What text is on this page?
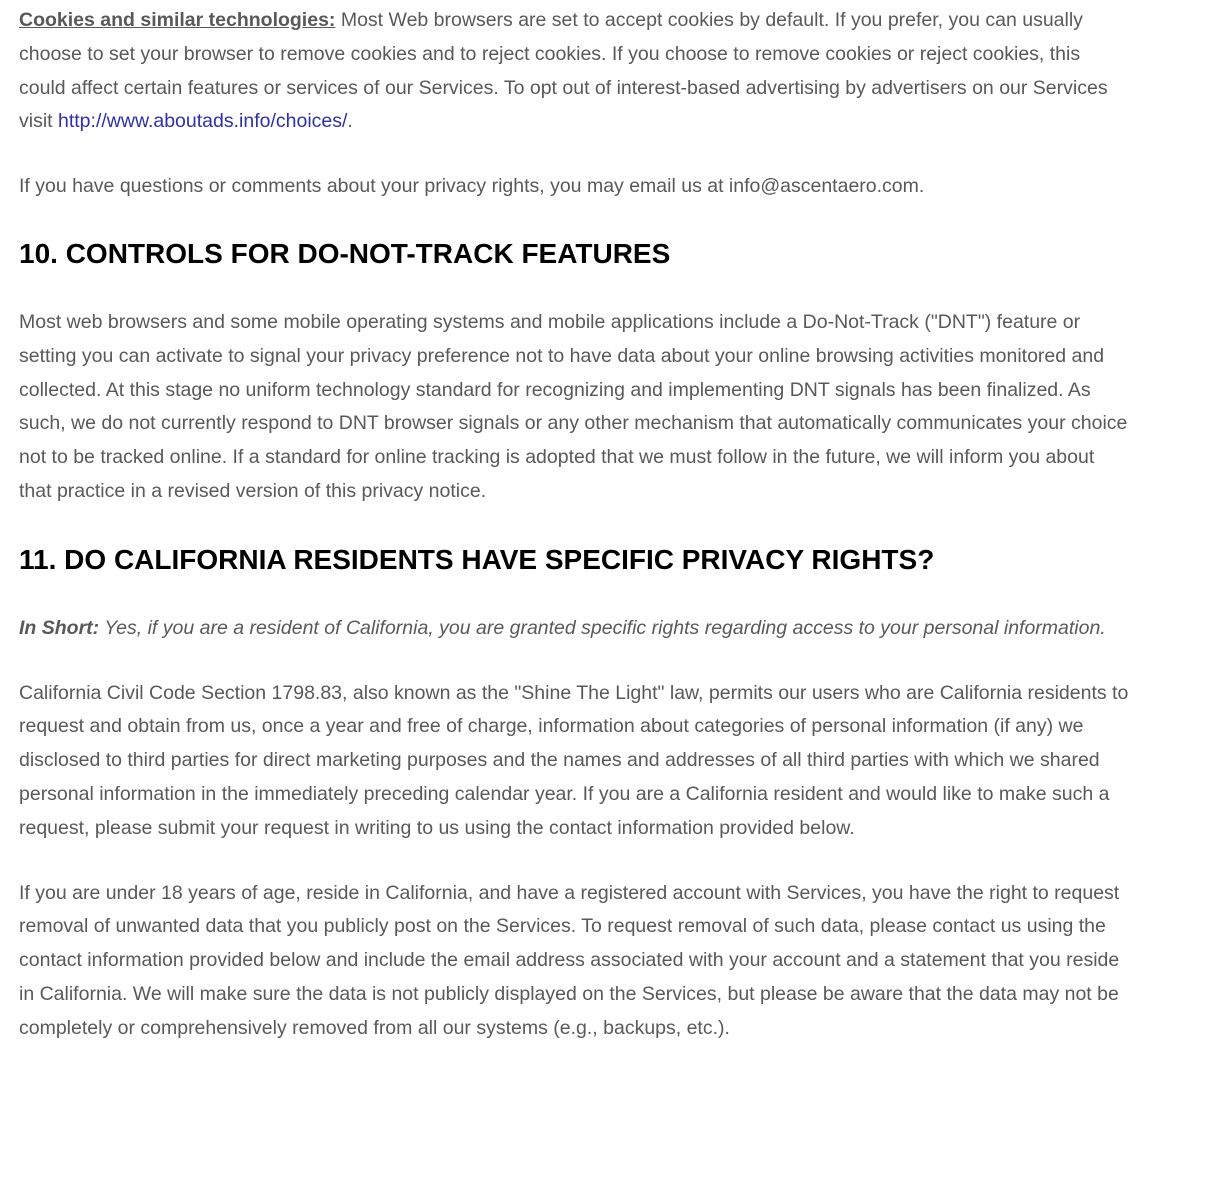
Cookies and similar technologies: Most Web browsers are set to accept cookies by default. If you prefer, you can usually choose to set your browser to remove cookies and to reject cookies. If you choose to remove cookies or reject cookies, this could affect certain features or services of our Services. To opt out of interest-based advertising by advertisers on our Services visit http://www.aboutads.info/choices/.

If you have questions or comments about your privacy rights, you may email us at info@ascentaero.com.

10. CONTROLS FOR DO-NOT-TRACK FEATURES

Most web browsers and some mobile operating systems and mobile applications include a Do-Not-Track ("DNT") feature or setting you can activate to signal your privacy preference not to have data about your online browsing activities monitored and collected. At this stage no uniform technology standard for recognizing and implementing DNT signals has been finalized. As such, we do not currently respond to DNT browser signals or any other mechanism that automatically communicates your choice not to be tracked online. If a standard for online tracking is adopted that we must follow in the future, we will inform you about that practice in a revised version of this privacy notice.

11. DO CALIFORNIA RESIDENTS HAVE SPECIFIC PRIVACY RIGHTS?

In Short: Yes, if you are a resident of California, you are granted specific rights regarding access to your personal information.

California Civil Code Section 1798.83, also known as the "Shine The Light" law, permits our users who are California residents to request and obtain from us, once a year and free of charge, information about categories of personal information (if any) we disclosed to third parties for direct marketing purposes and the names and addresses of all third parties with which we shared personal information in the immediately preceding calendar year. If you are a California resident and would like to make such a request, please submit your request in writing to us using the contact information provided below.

If you are under 18 years of age, reside in California, and have a registered account with Services, you have the right to request removal of unwanted data that you publicly post on the Services. To request removal of such data, please contact us using the contact information provided below and include the email address associated with your account and a statement that you reside in California. We will make sure the data is not publicly displayed on the Services, but please be aware that the data may not be completely or comprehensively removed from all our systems (e.g., backups, etc.).
